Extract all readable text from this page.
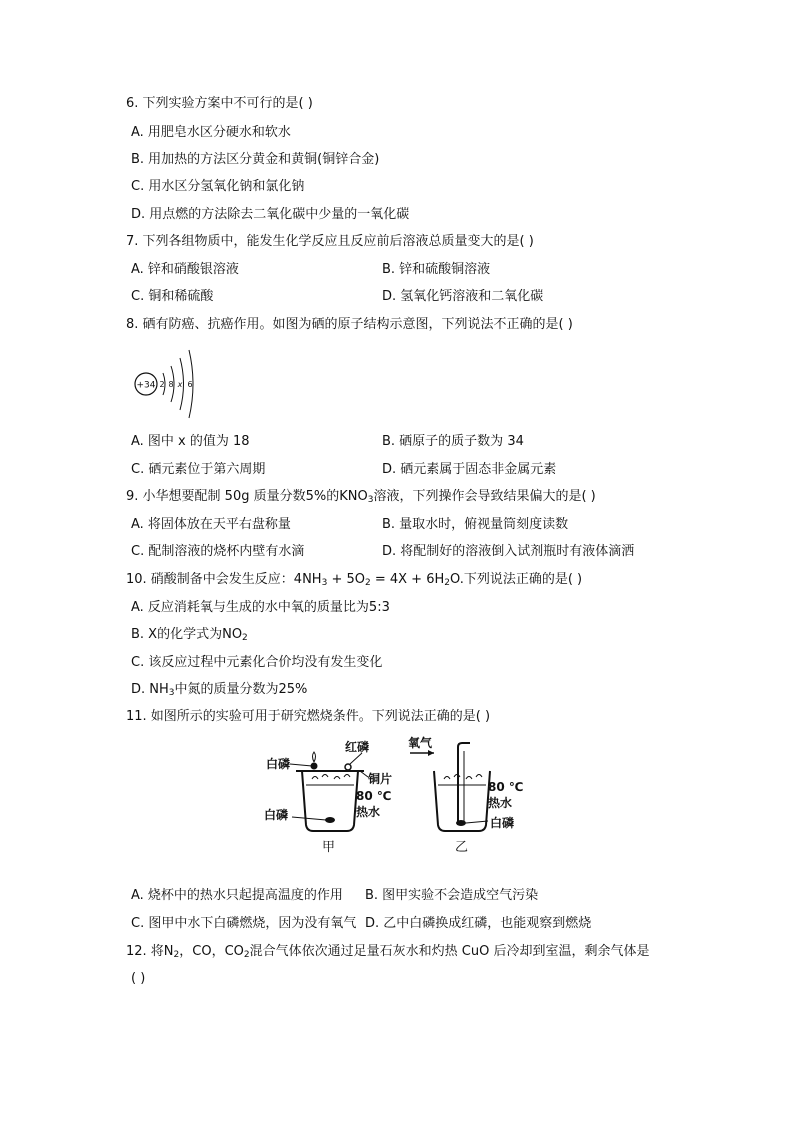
6. 下列实验方案中不可行的是( )
A. 用肥皂水区分硬水和软水
B. 用加热的方法区分黄金和黄铜(铜锌合金)
C. 用水区分氢氧化钠和氯化钠
D. 用点燃的方法除去二氧化碳中少量的一氧化碳
7. 下列各组物质中，能发生化学反应且反应前后溶液总质量变大的是( )
A. 锌和硝酸银溶液	B. 锌和硫酸铜溶液
C. 铜和稀硫酸	D. 氢氧化钙溶液和二氧化碳
8. 硒有防癌、抗癌作用。如图为硒的原子结构示意图，下列说法不正确的是( )
+34 2 8 x 6
A. 图中 x 的值为 18	B. 硒原子的质子数为 34
C. 硒元素位于第六周期	D. 硒元素属于固态非金属元素
9. 小华想要配制 50g 质量分数5%的$KNO_3$溶液，下列操作会导致结果偏大的是( )
A. 将固体放在天平右盘称量	B. 量取水时，俯视量筒刻度读数
C. 配制溶液的烧杯内壁有水滴	D. 将配制好的溶液倒入试剂瓶时有液体滴洒
10. 硝酸制备中会发生反应：$4NH_3 + 5O_2 = 4X + 6H_2O$.下列说法正确的是( )
A. 反应消耗氧与生成的水中氧的质量比为5:3
B. X的化学式为$NO_2$
C. 该反应过程中元素化合价均没有发生变化
D. $NH_3$中氮的质量分数为25%
11. 如图所示的实验可用于研究燃烧条件。下列说法正确的是( )
白磷
红磷
铜片
80 ℃
热水
白磷
甲
氧气
80 ℃
热水
白磷
乙
A. 烧杯中的热水只起提高温度的作用 B. 图甲实验不会造成空气污染
C. 图甲中水下白磷燃烧，因为没有氧气 D. 乙中白磷换成红磷，也能观察到燃烧
12. 将$N_2$，CO，$CO_2$混合气体依次通过足量石灰水和灼热 CuO 后冷却到室温，剩余气体是
( )
